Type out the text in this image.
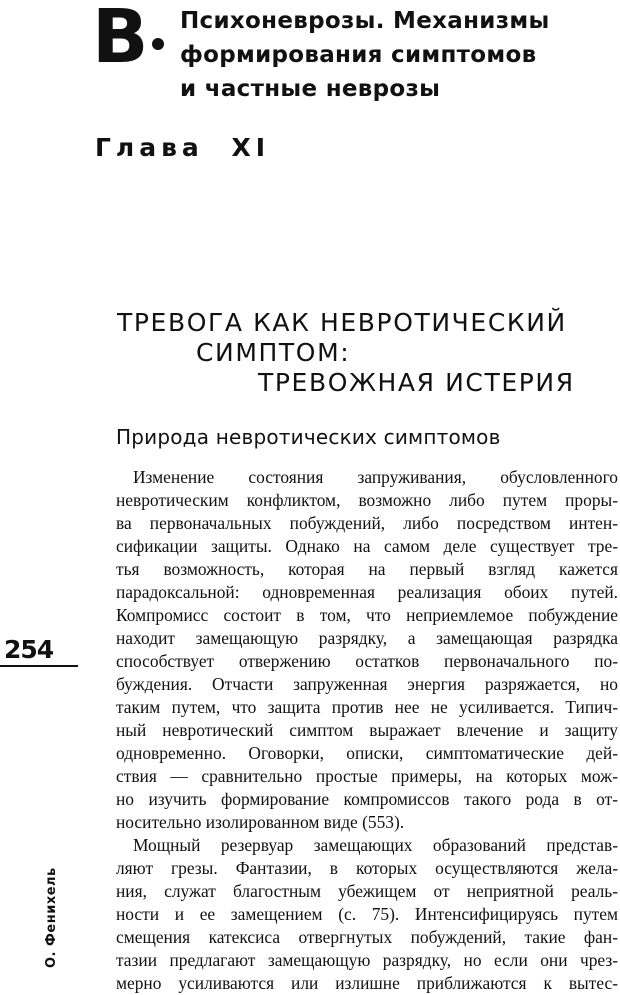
В Психоневрозы. Механизмы
формирования симптомов
и частные неврозы
Глава XI
ТРЕВОГА КАК НЕВРОТИЧЕСКИЙ
СИМПТОМ:
ТРЕВОЖНАЯ ИСТЕРИЯ
Природа невротических симптомов
Изменение состояния запруживания, обусловленного
невротическим конфликтом, возможно либо путем проры-
ва первоначальных побуждений, либо посредством интен-
сификации защиты. Однако на самом деле существует тре-
тья возможность, которая на первый взгляд кажется
парадоксальной: одновременная реализация обоих путей.
Компромисс состоит в том, что неприемлемое побуждение
находит замещающую разрядку, а замещающая разрядка
способствует отвержению остатков первоначального по-
буждения. Отчасти запруженная энергия разряжается, но
таким путем, что защита против нее не усиливается. Типич-
ный невротический симптом выражает влечение и защиту
одновременно. Оговорки, описки, симптоматические дей-
ствия — сравнительно простые примеры, на которых мож-
но изучить формирование компромиссов такого рода в от-
носительно изолированном виде (553).
Мощный резервуар замещающих образований представ-
ляют грезы. Фантазии, в которых осуществляются жела-
ния, служат благостным убежищем от неприятной реаль-
ности и ее замещением (с. 75). Интенсифицируясь путем
смещения катексиса отвергнутых побуждений, такие фан-
тазии предлагают замещающую разрядку, но если они чрез-
мерно усиливаются или излишне приближаются к вытес-
254
О. Фенихель
